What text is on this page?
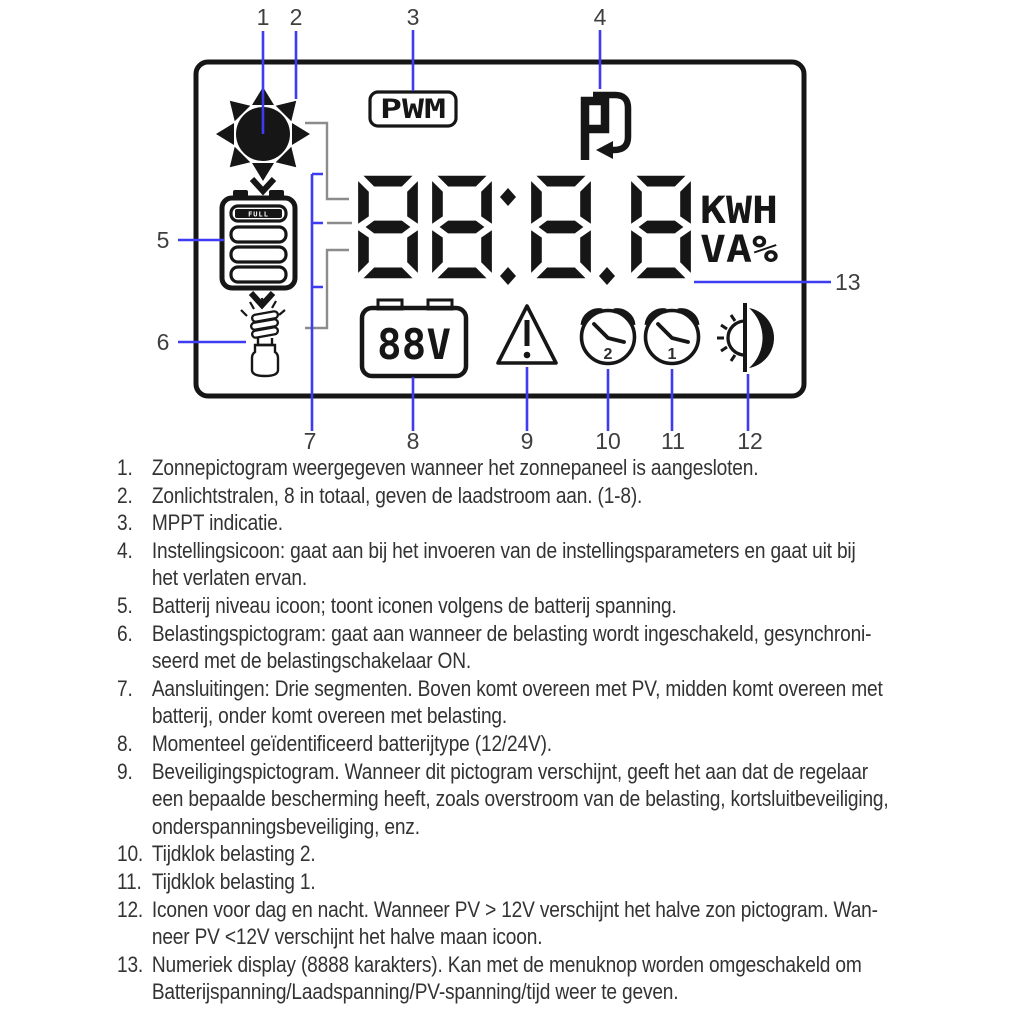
FULL
PWM
KWH
VA%
88V	2	1
1 2	3	4
5
6
7	8	9	10 11 12
13
1. Zonnepictogram weergegeven wanneer het zonnepaneel is aangesloten.
2. Zonlichtstralen, 8 in totaal, geven de laadstroom aan. (1-8).
3. MPPT indicatie.
4. Instellingsicoon: gaat aan bij het invoeren van de instellingsparameters en gaat uit bij
het verlaten ervan.
5. Batterij niveau icoon; toont iconen volgens de batterij spanning.
6. Belastingspictogram: gaat aan wanneer de belasting wordt ingeschakeld, gesynchroni-
seerd met de belastingschakelaar ON.
7. Aansluitingen: Drie segmenten. Boven komt overeen met PV, midden komt overeen met
batterij, onder komt overeen met belasting.
8. Momenteel geïdentificeerd batterijtype (12/24V).
9. Beveiligingspictogram. Wanneer dit pictogram verschijnt, geeft het aan dat de regelaar
een bepaalde bescherming heeft, zoals overstroom van de belasting, kortsluitbeveiliging,
onderspanningsbeveiliging, enz.
10. Tijdklok belasting 2.
11. Tijdklok belasting 1.
12. Iconen voor dag en nacht. Wanneer PV > 12V verschijnt het halve zon pictogram. Wan-
neer PV <12V verschijnt het halve maan icoon.
13. Numeriek display (8888 karakters). Kan met de menuknop worden omgeschakeld om
Batterijspanning/Laadspanning/PV-spanning/tijd weer te geven.
